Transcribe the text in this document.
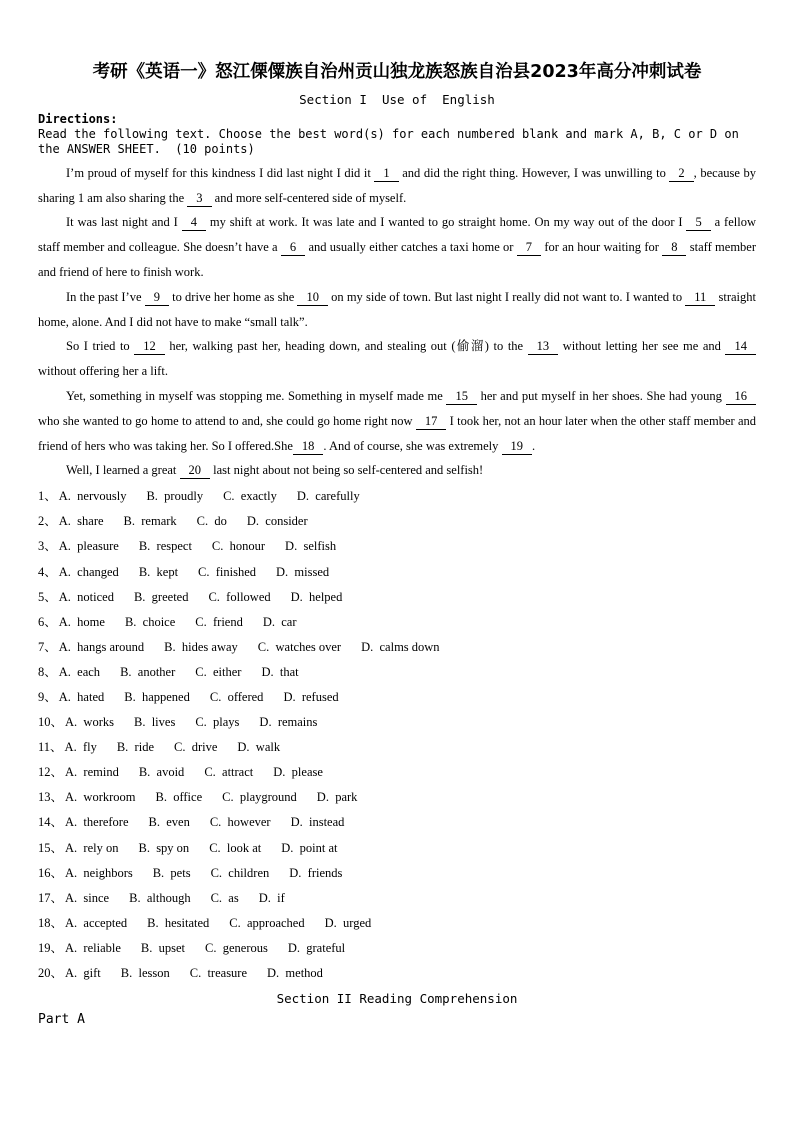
考研《英语一》怒江傈僳族自治州贡山独龙族怒族自治县2023年高分冲刺试卷
Section I  Use of  English
Directions:
Read the following text. Choose the best word(s) for each numbered blank and mark A, B, C or D on the ANSWER SHEET.  (10 points)

I’m proud of myself for this kindness I did last night I did it 1 and did the right thing. However, I was unwilling to 2 , because by sharing 1 am also sharing the 3 and more self-centered side of myself.

It was last night and I 4 my shift at work. It was late and I wanted to go straight home. On my way out of the door I 5 a fellow staff member and colleague. She doesn’t have a 6 and usually either catches a taxi home or 7 for an hour waiting for 8 staff member and friend of here to finish work.

In the past I’ve 9 to drive her home as she 10 on my side of town. But last night I really did not want to. I wanted to 11 straight home, alone. And I did not have to make “small talk”.

So I tried to 12 her, walking past her, heading down, and stealing out (偷溜) to the 13 without letting her see me and 14 without offering her a lift.

Yet, something in myself was stopping me. Something in myself made me 15 her and put myself in her shoes. She had young 16 who she wanted to go home to attend to and, she could go home right now 17 I took her, not an hour later when the other staff member and friend of hers who was taking her. So I offered.She 18 . And of course, she was extremely 19 .

Well, I learned a great 20 last night about not being so self-centered and selfish!

1、 A.  nervously B.  proudly C.  exactly D.  carefully
2、 A.  share B.  remark C.  do D.  consider
3、 A.  pleasure B.  respect C.  honour D.  selfish
4、 A.  changed B.  kept C.  finished D.  missed
5、 A.  noticed B.  greeted C.  followed D.  helped
6、 A.  home B.  choice C.  friend D.  car
7、 A.  hangs around B.  hides away C.  watches over D.  calms down
8、 A.  each B.  another C.  either D.  that
9、 A.  hated B.  happened C.  offered D.  refused
10、 A.  works B.  lives C.  plays D.  remains
11、 A.  fly B.  ride C.  drive D.  walk
12、 A.  remind B.  avoid C.  attract D.  please
13、 A.  workroom B.  office C.  playground D.  park
14、 A.  therefore B.  even C.  however D.  instead
15、 A.  rely on B.  spy on C.  look at D.  point at
16、 A.  neighbors B.  pets C.  children D.  friends
17、 A.  since B.  although C.  as D.  if
18、 A.  accepted B.  hesitated C.  approached D.  urged
19、 A.  reliable B.  upset C.  generous D.  grateful
20、 A.  gift B.  lesson C.  treasure D.  method
Section II Reading Comprehension
Part A
